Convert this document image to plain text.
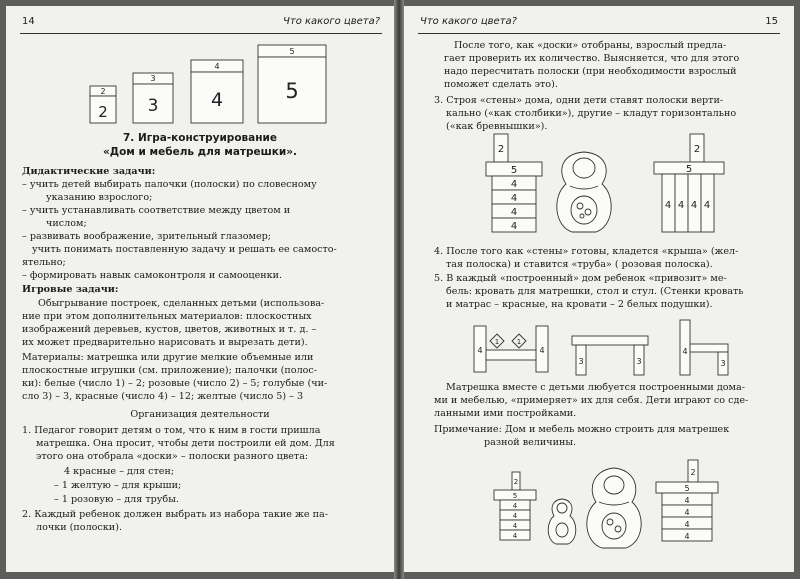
14	Что какого цвета?
2
2
3
3
4
4
5
5
7. Игра-конструирование
«Дом и мебель для матрешки».
Дидактические задачи:
– учить детей выбирать палочки (полоски) по словесному
указанию взрослого;
– учить устанавливать соответствие между цветом и
числом;
– развивать воображение, зрительный глазомер;
учить понимать поставленную задачу и решать ее самосто-
ятельно;
– формировать навык самоконтроля и самооценки.
Игровые задачи:
Обыгрывание построек, сделанных детьми (использова-
ние при этом дополнительных материалов: плоскостных
изображений деревьев, кустов, цветов, животных и т. д. –
их может предварительно нарисовать и вырезать дети).
Материалы: матрешка или другие мелкие объемные или
плоскостные игрушки (см. приложение); палочки (полос-
ки): белые (число 1) – 2; розовые (число 2) – 5; голубые (чи-
сло 3) – 3, красные (число 4) – 12; желтые (число 5) – 3
Организация деятельности
1. Педагог говорит детям о том, что к ним в гости пришла
матрешка. Она просит, чтобы дети построили ей дом. Для
этого она отобрала «доски» – полоски разного цвета:
4 красные – для стен;
– 1 желтую – для крыши;
– 1 розовую – для трубы.
2. Каждый ребенок должен выбрать из набора такие же па-
лочки (полоски).
Что какого цвета?	15
После того, как «доски» отобраны, взрослый предла-
гает проверить их количество. Выясняется, что для этого
надо пересчитать полоски (при необходимости взрослый
поможет сделать это).
3. Строя «стены» дома, одни дети ставят полоски верти-
кально («как столбики»), другие – кладут горизонтально
(«как бревнышки»).
2
5
4
4
4
4
2
5
4 4 4 4
4. После того как «стены» готовы, кладется «крыша» (жел-
тая полоска) и ставится «труба» ( розовая полоска).
5. В каждый «построенный» дом ребенок «привозит» ме-
бель: кровать для матрешки, стол и стул. (Стенки кровать
и матрас – красные, на кровати – 2 белых подушки).
4
1	1
4
3	3
4
3
Матрешка вместе с детьми любуется построенными дома-
ми и мебелью, «примеряет» их для себя. Дети играют со сде-
ланными ими постройками.
Примечание: Дом и мебель можно строить для матрешек
разной величины.
2
5
4
4
4
4
2
5
4
4
4
4
